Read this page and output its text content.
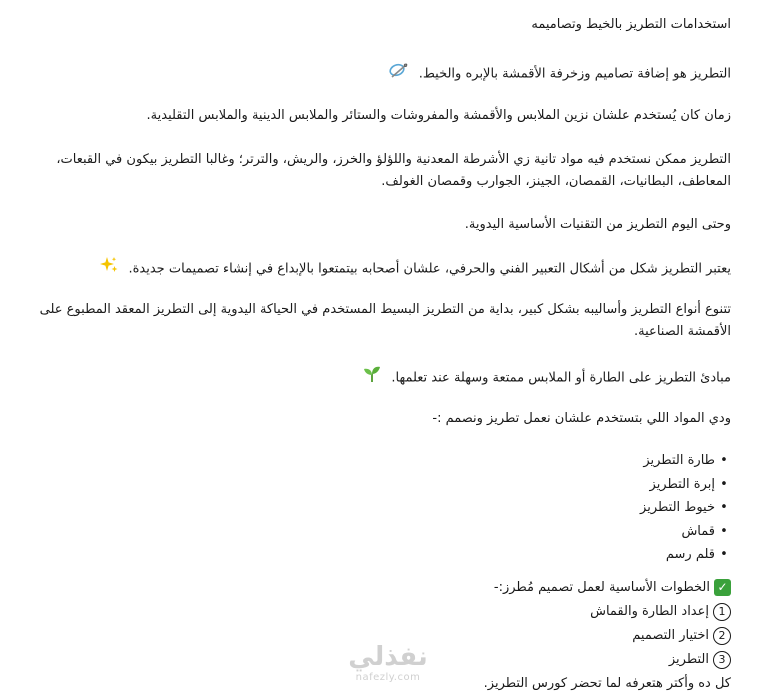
استخدامات التطريز بالخيط وتصاميمه
التطريز هو إضافة تصاميم وزخرفة الأقمشة بالإبره والخيط.
زمان كان يُستخدم علشان نزين الملابس والأقمشة والمفروشات والستائر والملابس الدينية والملابس التقليدية.
التطريز ممكن نستخدم فيه مواد تانية زي الأشرطة المعدنية واللؤلؤ والخرز، والريش، والترتر؛ وغالبا التطريز بيكون في القبعات، المعاطف، البطانيات، القمصان، الجينز، الجوارب وقمصان الغولف.
وحتى اليوم التطريز من التقنيات الأساسية اليدوية.
يعتبر التطريز شكل من أشكال التعبير الفني والحرفي، علشان أصحابه بيتمتعوا بالإبداع في إنشاء تصميمات جديدة.
تتنوع أنواع التطريز وأساليبه بشكل كبير، بداية من التطريز البسيط المستخدم في الحياكة اليدوية إلى التطريز المعقد المطبوع على الأقمشة الصناعية.
مبادئ التطريز على الطارة أو الملابس ممتعة وسهلة عند تعلمها.
ودي المواد اللي بتستخدم علشان نعمل تطريز ونصمم :-
•طارة التطريز
•إبرة التطريز
•خيوط التطريز
•قماش
•قلم رسم
✓الخطوات الأساسية لعمل تصميم مُطرز:-
1إعداد الطارة والقماش
2اختيار التصميم
3التطريز
كل ده وأكتر هتعرفه لما تحضر كورس التطريز.
نفذلي
nafezly.com
